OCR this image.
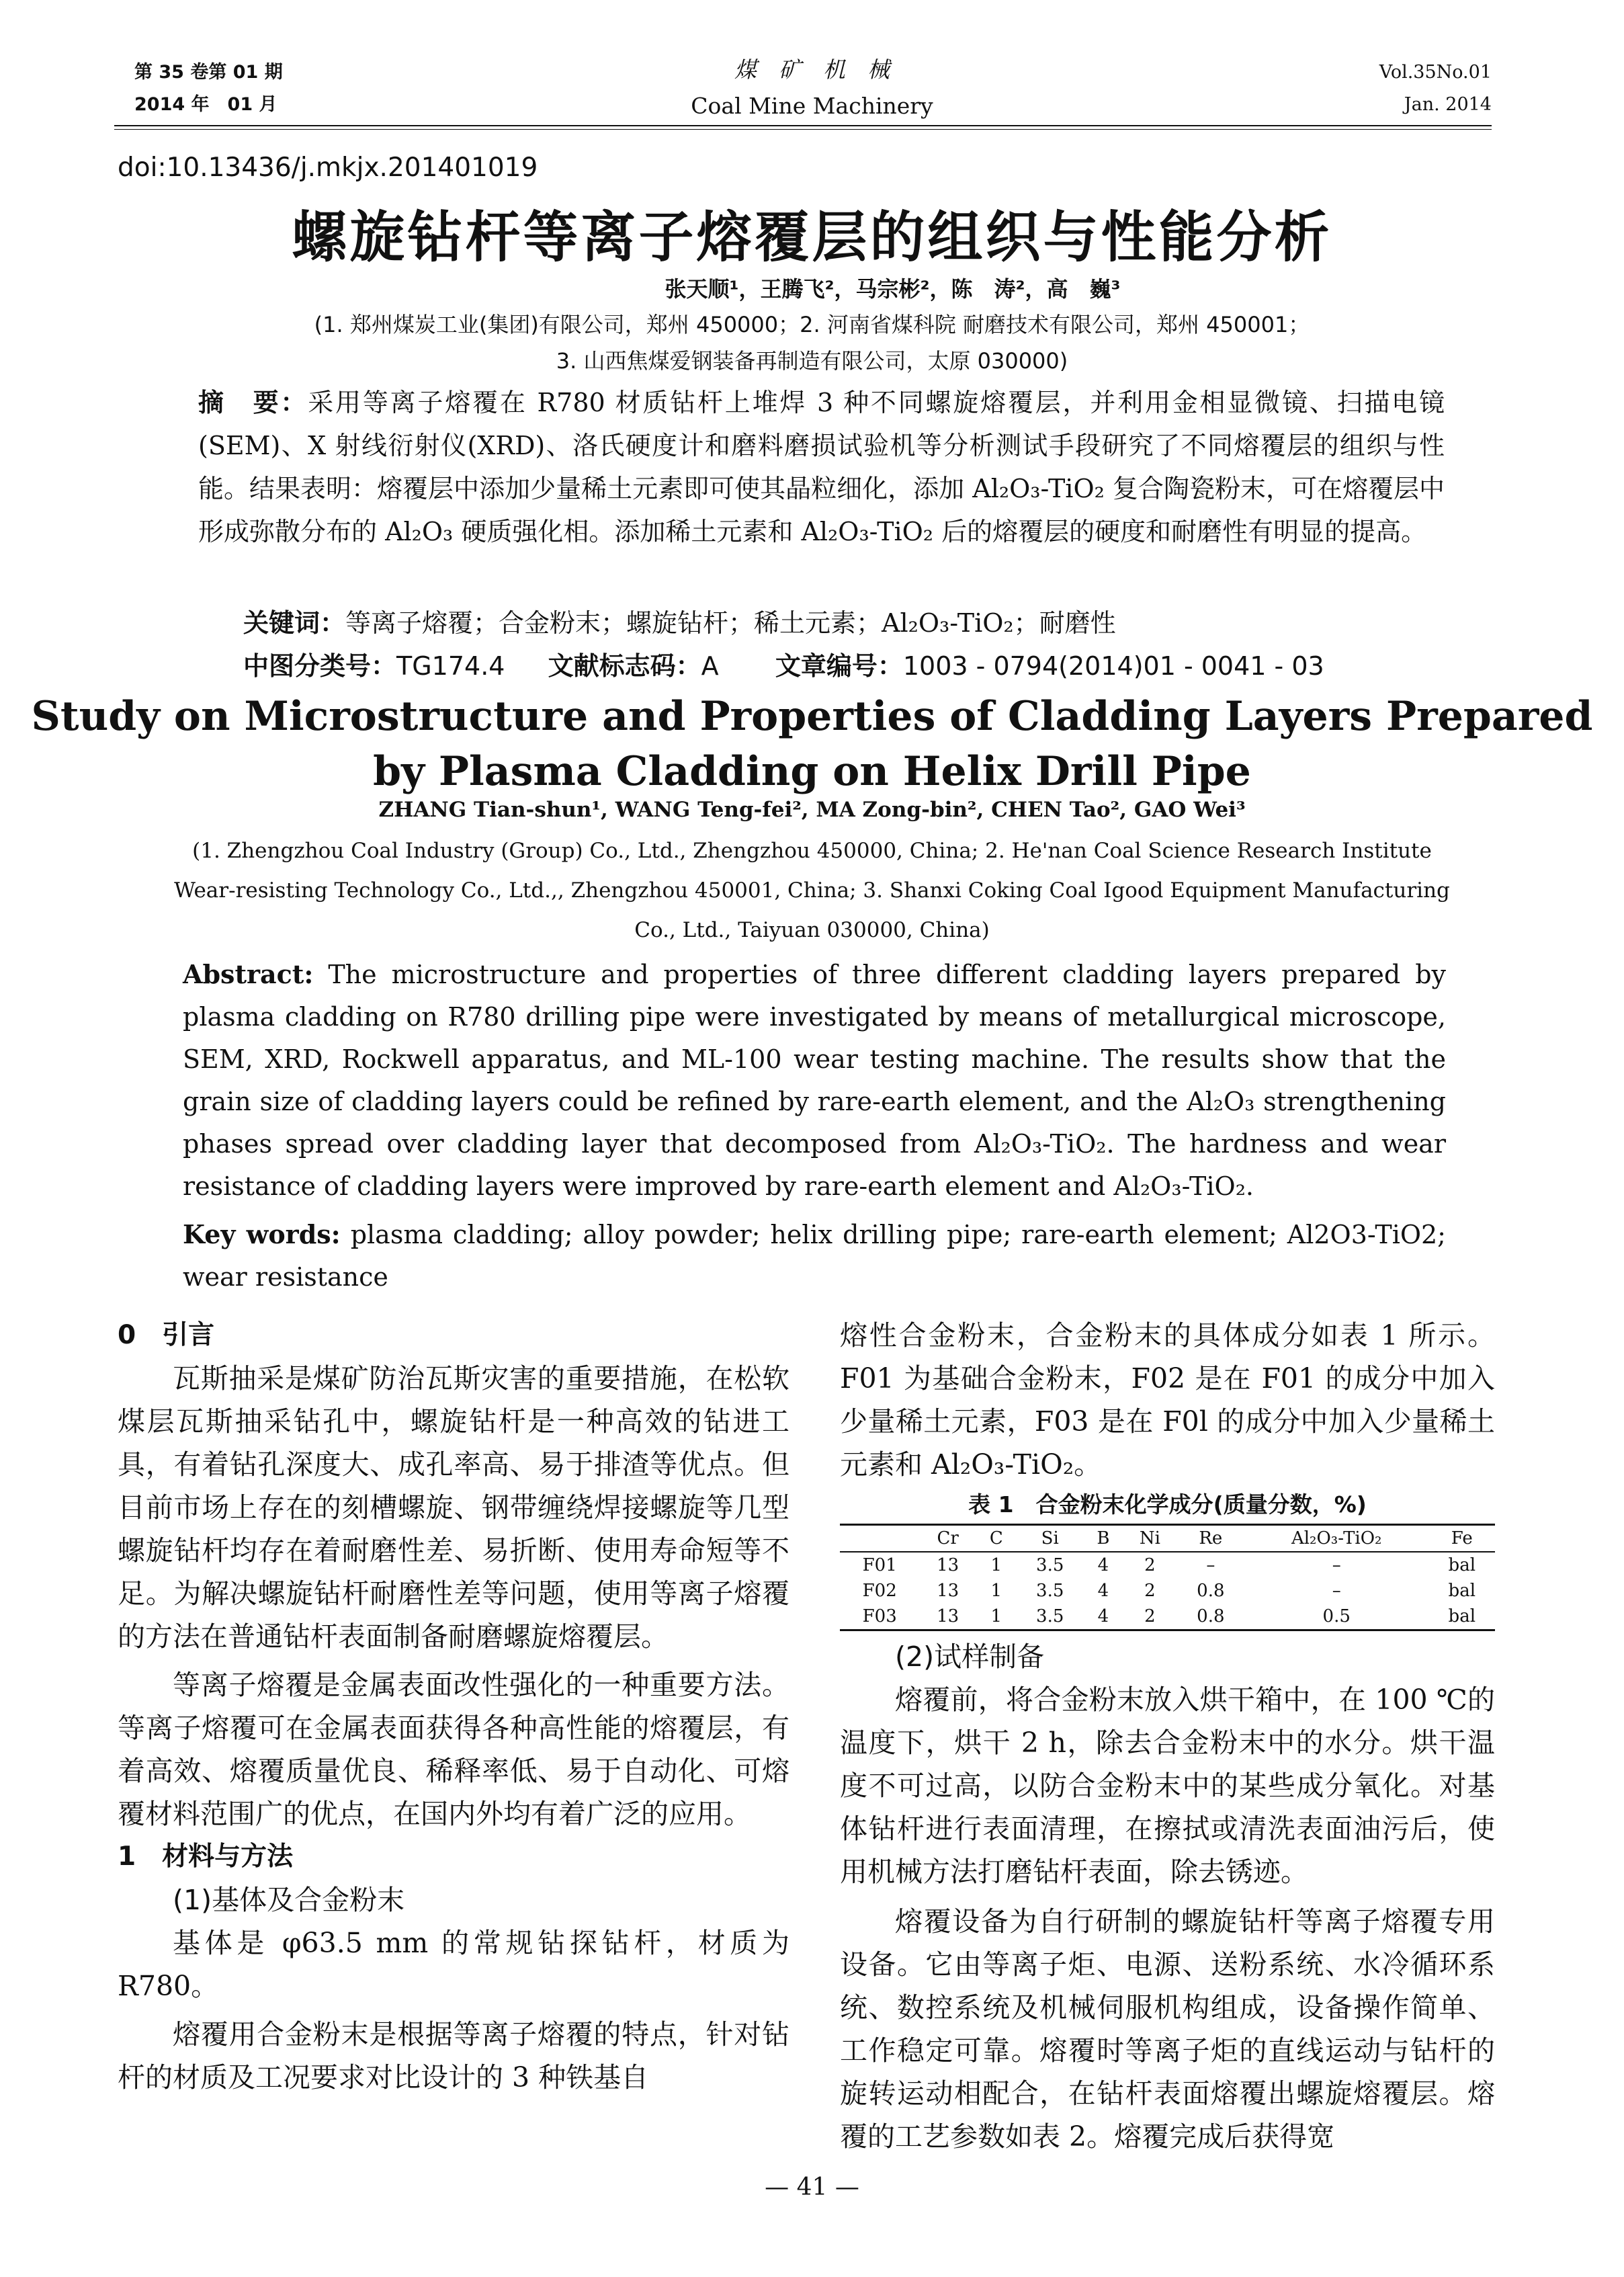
第 35 卷第 01 期
2014 年　01 月
煤　矿　机　械
Coal Mine Machinery
Vol.35No.01
Jan. 2014
doi:10.13436/j.mkjx.201401019
螺旋钻杆等离子熔覆层的组织与性能分析
张天顺¹，王腾飞²，马宗彬²，陈　涛²，高　巍³
(1. 郑州煤炭工业(集团)有限公司，郑州 450000；2. 河南省煤科院 耐磨技术有限公司，郑州 450001；
3. 山西焦煤爱钢装备再制造有限公司，太原 030000)
摘　要：采用等离子熔覆在 R780 材质钻杆上堆焊 3 种不同螺旋熔覆层，并利用金相显微镜、扫描电镜(SEM)、X 射线衍射仪(XRD)、洛氏硬度计和磨料磨损试验机等分析测试手段研究了不同熔覆层的组织与性能。结果表明：熔覆层中添加少量稀土元素即可使其晶粒细化，添加 Al₂O₃-TiO₂ 复合陶瓷粉末，可在熔覆层中形成弥散分布的 Al₂O₃ 硬质强化相。添加稀土元素和 Al₂O₃-TiO₂ 后的熔覆层的硬度和耐磨性有明显的提高。
关键词：等离子熔覆；合金粉末；螺旋钻杆；稀土元素；Al₂O₃-TiO₂；耐磨性
中图分类号：TG174.4 文献标志码：A 文章编号：1003 - 0794(2014)01 - 0041 - 03
Study on Microstructure and Properties of Cladding Layers Prepared
by Plasma Cladding on Helix Drill Pipe
ZHANG Tian-shun¹, WANG Teng-fei², MA Zong-bin², CHEN Tao², GAO Wei³
(1. Zhengzhou Coal Industry (Group) Co., Ltd., Zhengzhou 450000, China; 2. He'nan Coal Science Research Institute
Wear-resisting Technology Co., Ltd.,, Zhengzhou 450001, China; 3. Shanxi Coking Coal Igood Equipment Manufacturing
Co., Ltd., Taiyuan 030000, China)
Abstract: The microstructure and properties of three different cladding layers prepared by plasma cladding on R780 drilling pipe were investigated by means of metallurgical microscope, SEM, XRD, Rockwell apparatus, and ML-100 wear testing machine. The results show that the grain size of cladding layers could be refined by rare-earth element, and the Al₂O₃ strengthening phases spread over cladding layer that decomposed from Al₂O₃-TiO₂. The hardness and wear resistance of cladding layers were improved by rare-earth element and Al₂O₃-TiO₂.
Key words: plasma cladding; alloy powder; helix drilling pipe; rare-earth element; Al2O3-TiO2; wear resistance
0　引言
瓦斯抽采是煤矿防治瓦斯灾害的重要措施，在松软煤层瓦斯抽采钻孔中，螺旋钻杆是一种高效的钻进工具，有着钻孔深度大、成孔率高、易于排渣等优点。但目前市场上存在的刻槽螺旋、钢带缠绕焊接螺旋等几型螺旋钻杆均存在着耐磨性差、易折断、使用寿命短等不足。为解决螺旋钻杆耐磨性差等问题，使用等离子熔覆的方法在普通钻杆表面制备耐磨螺旋熔覆层。
等离子熔覆是金属表面改性强化的一种重要方法。等离子熔覆可在金属表面获得各种高性能的熔覆层，有着高效、熔覆质量优良、稀释率低、易于自动化、可熔覆材料范围广的优点，在国内外均有着广泛的应用。
1　材料与方法
(1)基体及合金粉末
基体是 φ63.5 mm 的常规钻探钻杆，材质为 R780。
熔覆用合金粉末是根据等离子熔覆的特点，针对钻杆的材质及工况要求对比设计的 3 种铁基自
熔性合金粉末，合金粉末的具体成分如表 1 所示。F01 为基础合金粉末，F02 是在 F01 的成分中加入少量稀土元素，F03 是在 F0l 的成分中加入少量稀土元素和 Al₂O₃-TiO₂。
表 1　合金粉末化学成分(质量分数，%)
	Cr	C	Si	B	Ni	Re	Al₂O₃-TiO₂	Fe
F01	13	1	3.5	4	2	–	–	bal
F02	13	1	3.5	4	2	0.8	–	bal
F03	13	1	3.5	4	2	0.8	0.5	bal
(2)试样制备
熔覆前，将合金粉末放入烘干箱中，在 100 ℃的温度下，烘干 2 h，除去合金粉末中的水分。烘干温度不可过高，以防合金粉末中的某些成分氧化。对基体钻杆进行表面清理，在擦拭或清洗表面油污后，使用机械方法打磨钻杆表面，除去锈迹。
熔覆设备为自行研制的螺旋钻杆等离子熔覆专用设备。它由等离子炬、电源、送粉系统、水冷循环系统、数控系统及机械伺服机构组成，设备操作简单、工作稳定可靠。熔覆时等离子炬的直线运动与钻杆的旋转运动相配合，在钻杆表面熔覆出螺旋熔覆层。熔覆的工艺参数如表 2。熔覆完成后获得宽
— 41 —
